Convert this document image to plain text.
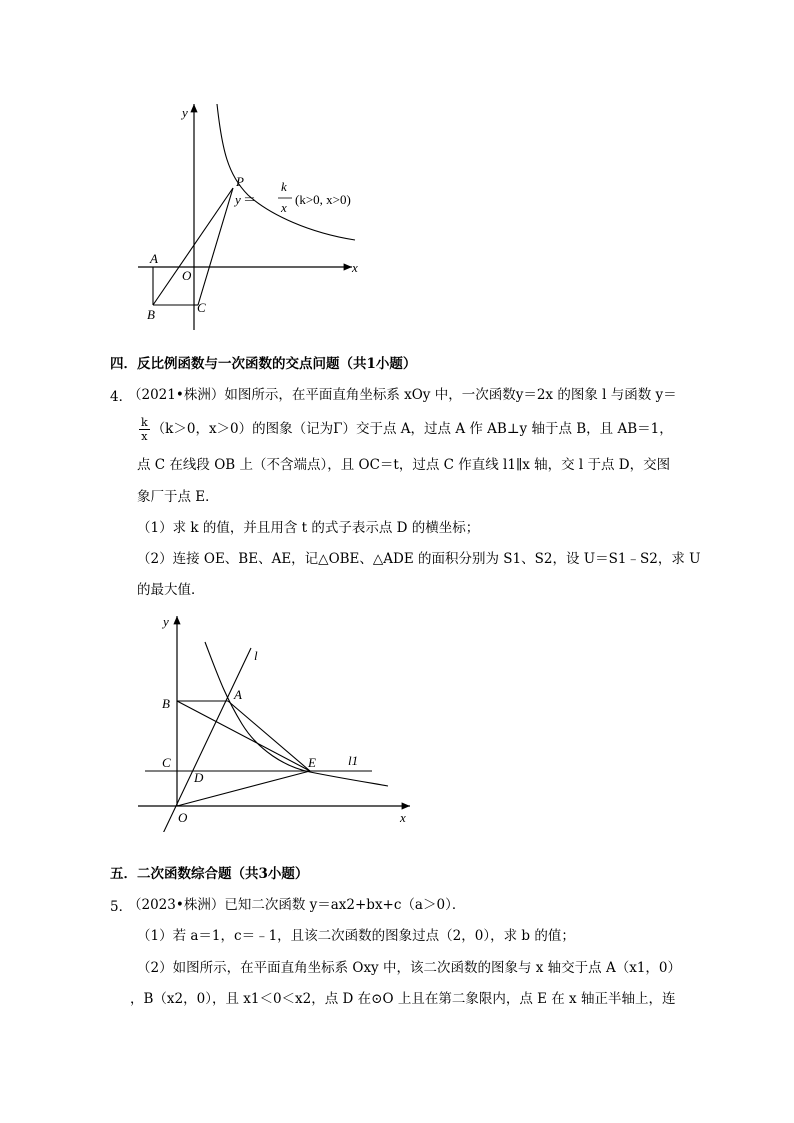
y
x
P
A
O
B	C
y ＝
k
x
(k>0, x>0)
四．反比例函数与一次函数的交点问题（共1小题）
4．
（2021•株洲）如图所示，在平面直角坐标系 xOy 中，一次函数y＝2x 的图象 l 与函数 y＝
$\frac{k}{x} (k>0$，x＞0）的图象（记为Γ）交于点 A，过点 A 作 AB⊥y 轴于点 B，且 AB＝1，
点 C 在线段 OB 上（不含端点），且 OC＝t，过点 C 作直线 l1∥x 轴，交 l 于点 D，交图
象厂于点 E．
（1）求 k 的值，并且用含 t 的式子表示点 D 的横坐标；
（2）连接 OE、BE、AE，记△OBE、△ADE 的面积分别为 S1、S2，设 U＝S1﹣S2，求 U
的最大值．
y
l
A
B
C
D
E l1
O	x
五．二次函数综合题（共3小题）
5．
（2023•株洲）已知二次函数 y＝ax2+bx+c（a＞0）．
（1）若 a＝1，c＝﹣1，且该二次函数的图象过点（2，0），求 b 的值；
（2）如图所示，在平面直角坐标系 Oxy 中，该二次函数的图象与 x 轴交于点 A（x1，0）
，B（x2，0），且 x1＜0＜x2，点 D 在⊙O 上且在第二象限内，点 E 在 x 轴正半轴上，连
